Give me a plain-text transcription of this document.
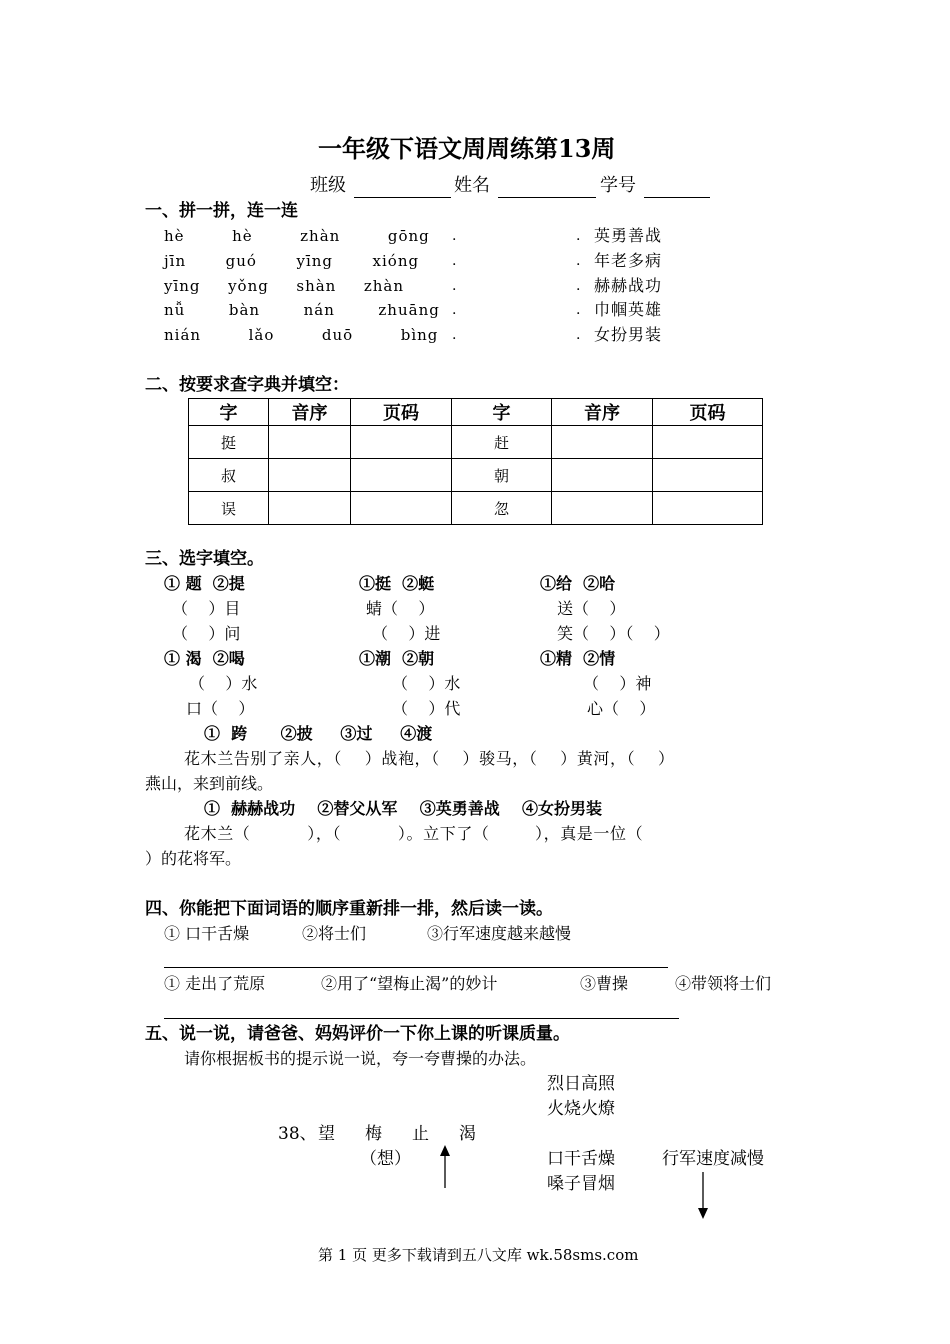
一年级下语文周周练第13周
班级	姓名	学号
一、拼一拼，连一连
hè  hè  zhàn  gōng
jīn  guó  yīng  xióng
yīng  yǒng  shàn  zhàn
nǚ  bàn  nán  zhuāng
nián  lǎo  duō  bìng
.
.
.
.
.
.
.
.
.
.
英勇善战
年老多病
赫赫战功
巾帼英雄
女扮男装
二、按要求查字典并填空：
字	音序	页码	字	音序	页码
挺			赶		
叔			朝		
误			忽		
三、选字填空。
① 题  ②提	①挺  ②蜓	①给  ②哈
（    ）目	蜻（    ）	送（    ）
（    ）问	（    ）进	笑（    ）（    ）
① 渴  ②喝	①潮  ②朝	①精  ②情
（    ）水	（    ）水	（    ）神
口（    ）	（    ）代	心（    ）
①  跨      ②披     ③过     ④渡
花木兰告别了亲人，（    ）战袍，（    ）骏马，（    ）黄河，（    ）
燕山，来到前线。
①  赫赫战功    ②替父从军    ③英勇善战    ④女扮男装
花木兰（          ），（          ）。立下了（        ），真是一位（
）的花将军。
四、你能把下面词语的顺序重新排一排，然后读一读。
① 口干舌燥	②将士们	③行军速度越来越慢
① 走出了荒原	②用了“望梅止渴”的妙计	③曹操	④带领将士们
五、说一说，请爸爸、妈妈评价一下你上课的听课质量。
请你根据板书的提示说一说，夸一夸曹操的办法。
烈日高照
火烧火燎
38、 望 梅 止 渴
（想）	口干舌燥
嗓子冒烟
行军速度减慢
第 1 页 更多下载请到五八文库 wk.58sms.com
